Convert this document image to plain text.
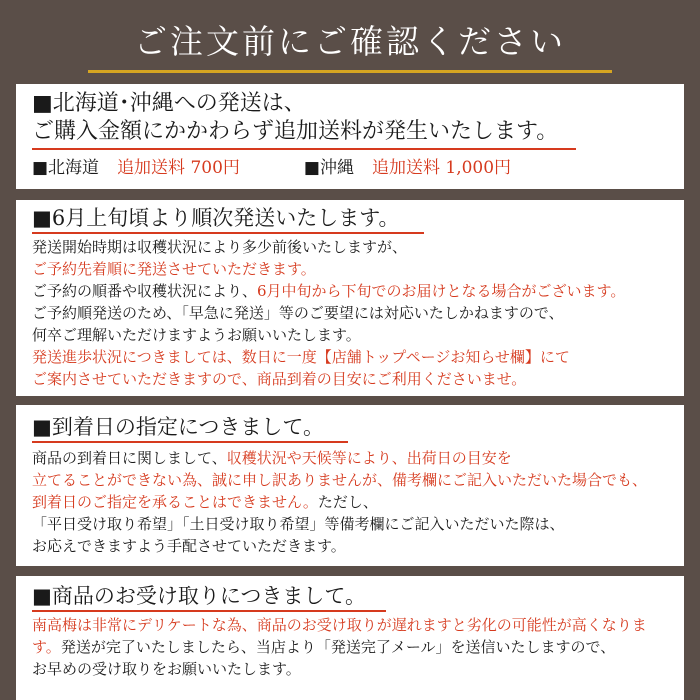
ご注文前にご確認ください
■北海道･沖縄への発送は、
ご購入金額にかかわらず追加送料が発生いたします。
■北海道 追加送料 700円	■沖縄 追加送料 1,000円
■6月上旬頃より順次発送いたします。
発送開始時期は収穫状況により多少前後いたしますが、
ご予約先着順に発送させていただきます。
ご予約の順番や収穫状況により、6月中旬から下旬でのお届けとなる場合がございます。
ご予約順発送のため、「早急に発送」等のご要望には対応いたしかねますので、
何卒ご理解いただけますようお願いいたします。
発送進歩状況につきましては、数日に一度【店舗トップページお知らせ欄】にて
ご案内させていただきますので、商品到着の目安にご利用くださいませ。
■到着日の指定につきまして。
商品の到着日に関しまして、収穫状況や天候等により、出荷日の目安を
立てることができない為、誠に申し訳ありませんが、備考欄にご記入いただいた場合でも、
到着日のご指定を承ることはできません。ただし、
「平日受け取り希望」「土日受け取り希望」等備考欄にご記入いただいた際は、
お応えできますよう手配させていただきます。
■商品のお受け取りにつきまして。
南高梅は非常にデリケートな為、商品のお受け取りが遅れますと劣化の可能性が高くなりま
す。発送が完了いたしましたら、当店より「発送完了メール」を送信いたしますので、
お早めの受け取りをお願いいたします。
